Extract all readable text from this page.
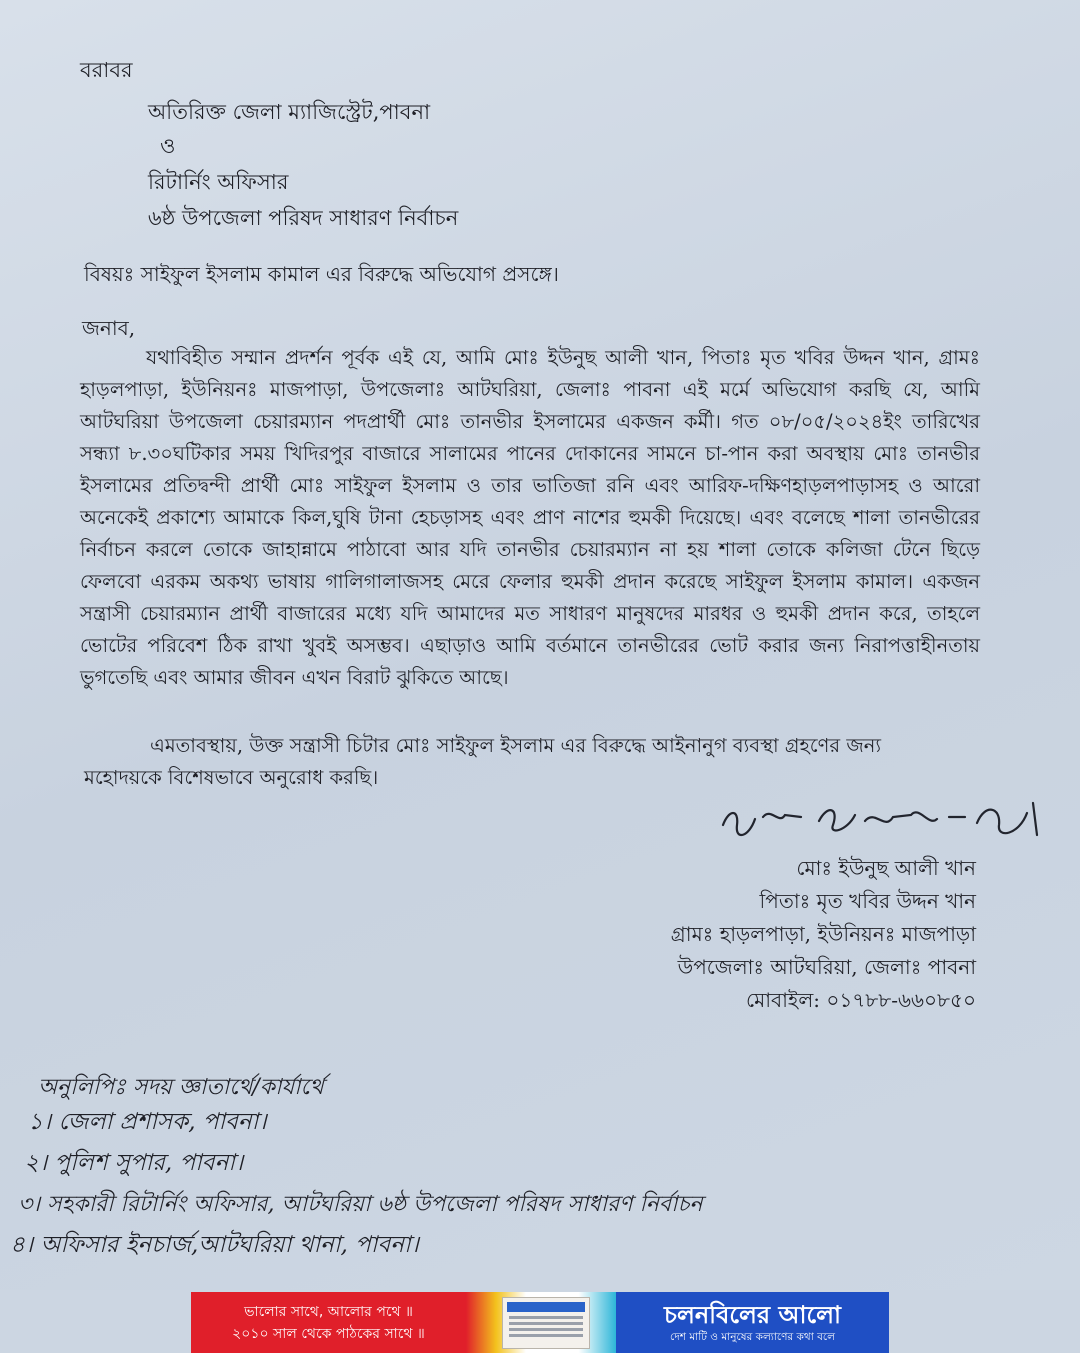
বরাবর
অতিরিক্ত জেলা ম্যাজিস্ট্রেট,পাবনা
ও
রিটার্নিং অফিসার
৬ষ্ঠ উপজেলা পরিষদ সাধারণ নির্বাচন
বিষয়ঃ সাইফুল ইসলাম কামাল এর বিরুদ্ধে অভিযোগ প্রসঙ্গে।
জনাব,

যথাবিহীত সম্মান প্রদর্শন পূর্বক এই যে, আমি মোঃ ইউনুছ আলী খান, পিতাঃ মৃত খবির উদ্দন খান, গ্রামঃ হাড়লপাড়া, ইউনিয়নঃ মাজপাড়া, উপজেলাঃ আটঘরিয়া, জেলাঃ পাবনা এই মর্মে অভিযোগ করছি যে, আমি আটঘরিয়া উপজেলা চেয়ারম্যান পদপ্রার্থী মোঃ তানভীর ইসলামের একজন কর্মী। গত ০৮/০৫/২০২৪ইং তারিখের সন্ধ্যা ৮.৩০ঘটিকার সময় খিদিরপুর বাজারে সালামের পানের দোকানের সামনে চা-পান করা অবস্থায় মোঃ তানভীর ইসলামের প্রতিদ্বন্দী প্রার্থী মোঃ সাইফুল ইসলাম ও তার ভাতিজা রনি এবং আরিফ-দক্ষিণহাড়লপাড়াসহ ও আরো অনেকেই প্রকাশ্যে আমাকে কিল,ঘুষি টানা হেচড়াসহ এবং প্রাণ নাশের হুমকী দিয়েছে। এবং বলেছে শালা তানভীরের নির্বাচন করলে তোকে জাহান্নামে পাঠাবো আর যদি তানভীর চেয়ারম্যান না হয় শালা তোকে কলিজা টেনে ছিড়ে ফেলবো এরকম অকথ্য ভাষায় গালিগালাজসহ মেরে ফেলার হুমকী প্রদান করেছে সাইফুল ইসলাম কামাল। একজন সন্ত্রাসী চেয়ারম্যান প্রার্থী বাজারের মধ্যে যদি আমাদের মত সাধারণ মানুষদের মারধর ও হুমকী প্রদান করে, তাহলে ভোটের পরিবেশ ঠিক রাখা খুবই অসম্ভব। এছাড়াও আমি বর্তমানে তানভীরের ভোট করার জন্য নিরাপত্তাহীনতায় ভুগতেছি এবং আমার জীবন এখন বিরাট ঝুকিতে আছে।

এমতাবস্থায়, উক্ত সন্ত্রাসী চিটার মোঃ সাইফুল ইসলাম এর বিরুদ্ধে আইনানুগ ব্যবস্থা গ্রহণের জন্য মহোদয়কে বিশেষভাবে অনুরোধ করছি।

মোঃ ইউনুছ আলী খান
পিতাঃ মৃত খবির উদ্দন খান
গ্রামঃ হাড়লপাড়া, ইউনিয়নঃ মাজপাড়া
উপজেলাঃ আটঘরিয়া, জেলাঃ পাবনা
মোবাইল: ০১৭৮৮-৬৬০৮৫০
অনুলিপিঃ সদয় জ্ঞাতার্থে/কার্যার্থে
১। জেলা প্রশাসক, পাবনা।
২। পুলিশ সুপার, পাবনা।
৩। সহকারী রিটার্নিং অফিসার, আটঘরিয়া ৬ষ্ঠ উপজেলা পরিষদ সাধারণ নির্বাচন
৪। অফিসার ইনচার্জ,আটঘরিয়া থানা, পাবনা।
ভালোর সাথে, আলোর পথে ॥
২০১০ সাল থেকে পাঠকের সাথে ॥
চলনবিলের আলো
দেশ মাটি ও মানুষের কল্যাণের কথা বলে
